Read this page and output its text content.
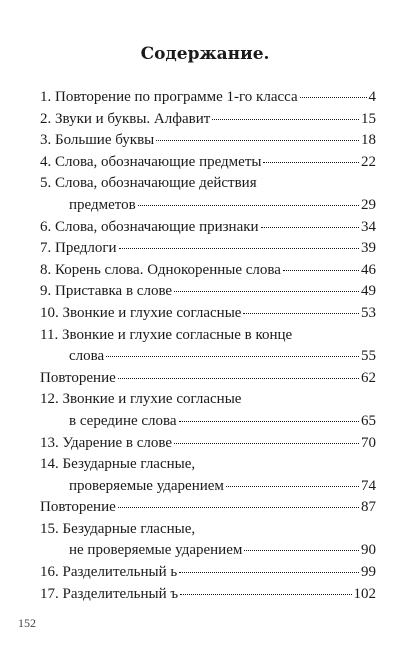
Содержание.
1. Повторение по программе 1-го класса	4
2. Звуки и буквы. Алфавит	15
3. Большие буквы	18
4. Слова, обозначающие предметы	22
5. Слова, обозначающие действия
предметов	29
6. Слова, обозначающие признаки	34
7. Предлоги	39
8. Корень слова. Однокоренные слова	46
9. Приставка в слове	49
10. Звонкие и глухие согласные	53
11. Звонкие и глухие согласные в конце
слова	55
Повторение	62
12. Звонкие и глухие согласные
в середине слова	65
13. Ударение в слове	70
14. Безударные гласные,
проверяемые ударением	74
Повторение	87
15. Безударные гласные,
не проверяемые ударением	90
16. Разделительный ь	99
17. Разделительный ъ	102
152
